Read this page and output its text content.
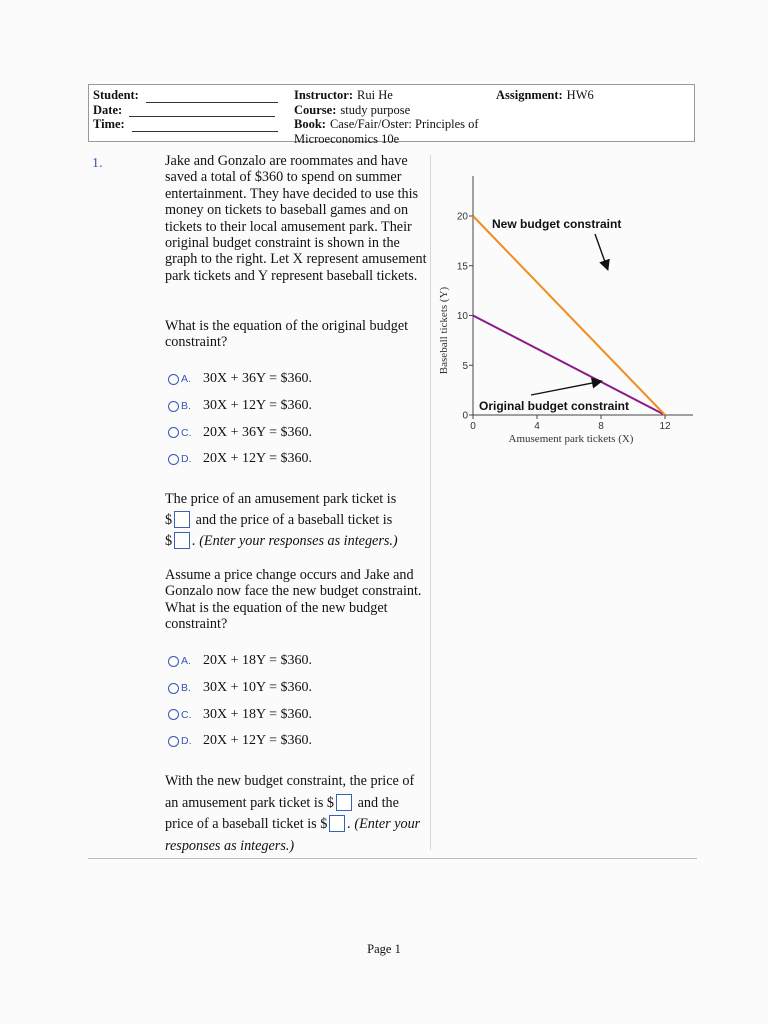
Student:
Date:
Time:
Instructor: Rui He
Course: study purpose
Book: Case/Fair/Oster: Principles of Microeconomics 10e
Assignment: HW6
1.	Jake and Gonzalo are roommates and have saved a total of $360 to spend on summer entertainment. They have decided to use this money on tickets to baseball games and on tickets to their local amusement park. Their original budget constraint is shown in the graph to the right. Let X represent amusement park tickets and Y represent baseball tickets.
What is the equation of the original budget constraint?
A. 30X + 36Y = $360.
B. 30X + 12Y = $360.
C. 20X + 36Y = $360.
D. 20X + 12Y = $360.
The price of an amusement park ticket is
$ and the price of a baseball ticket is
$ . (Enter your responses as integers.)
Assume a price change occurs and Jake and Gonzalo now face the new budget constraint. What is the equation of the new budget constraint?
A. 20X + 18Y = $360.
B. 30X + 10Y = $360.
C. 30X + 18Y = $360.
D. 20X + 12Y = $360.
With the new budget constraint, the price of an amusement park ticket is $ and the price of a baseball ticket is $ . (Enter your responses as integers.)
0
5
10
15
20
0	4	8	12
Amusement park tickets (X)
Baseball tickets (Y)
New budget constraint
Original budget constraint
Page 1
